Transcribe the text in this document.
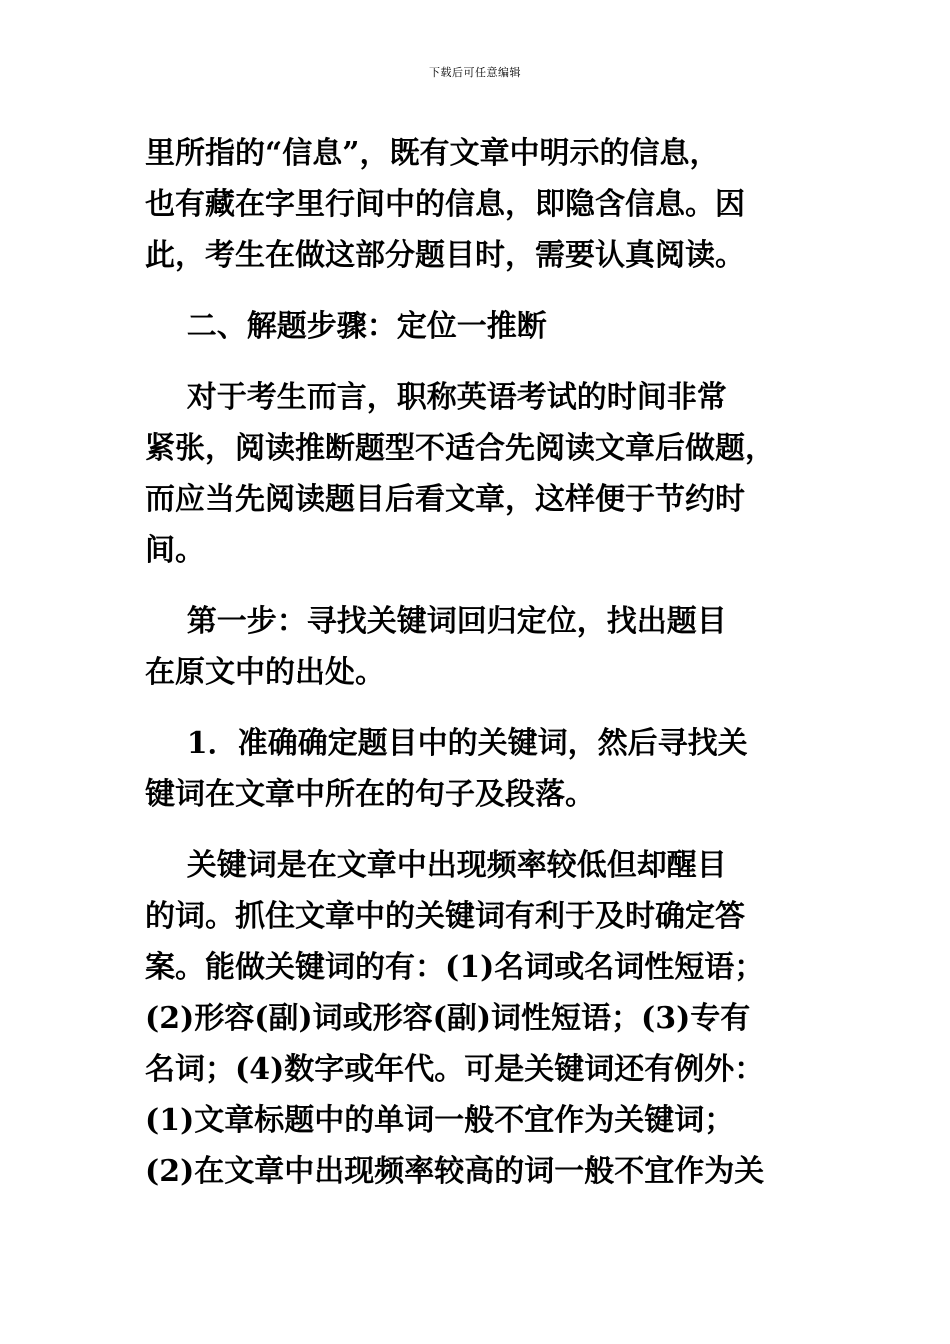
下载后可任意编辑

里所指的“信息”，既有文章中明示的信息，
也有藏在字里行间中的信息，即隐含信息。因
此，考生在做这部分题目时，需要认真阅读。

二、解题步骤：定位一推断

对于考生而言，职称英语考试的时间非常
紧张，阅读推断题型不适合先阅读文章后做题，
而应当先阅读题目后看文章，这样便于节约时
间。

第一步：寻找关键词回归定位，找出题目
在原文中的出处。

1．准确确定题目中的关键词，然后寻找关
键词在文章中所在的句子及段落。

关键词是在文章中出现频率较低但却醒目
的词。抓住文章中的关键词有利于及时确定答
案。能做关键词的有：(1)名词或名词性短语；
(2)形容(副)词或形容(副)词性短语；(3)专有
名词；(4)数字或年代。可是关键词还有例外：
(1)文章标题中的单词一般不宜作为关键词；
(2)在文章中出现频率较高的词一般不宜作为关
